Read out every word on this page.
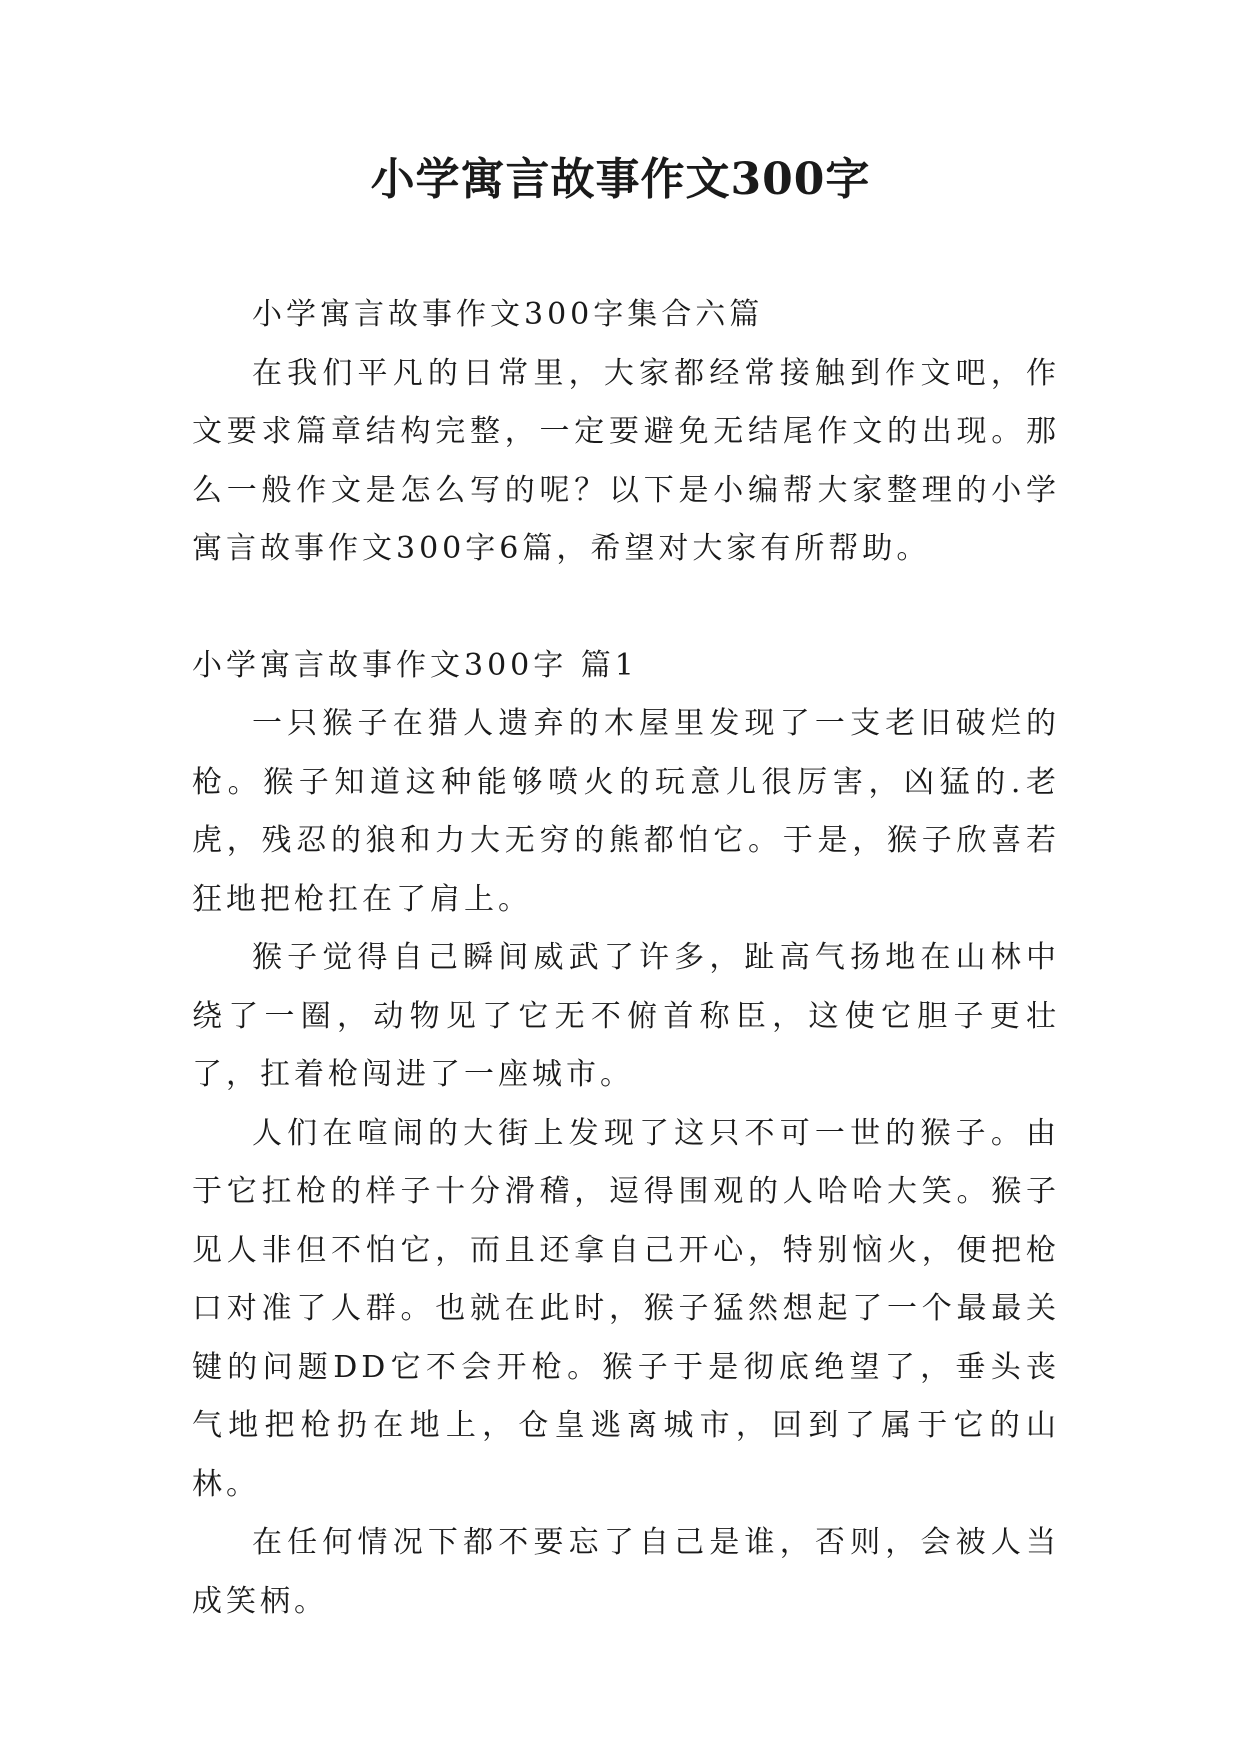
小学寓言故事作文300字

小学寓言故事作文300字集合六篇

在我们平凡的日常里，大家都经常接触到作文吧，作文要求篇章结构完整，一定要避免无结尾作文的出现。那么一般作文是怎么写的呢？以下是小编帮大家整理的小学寓言故事作文300字6篇，希望对大家有所帮助。

小学寓言故事作文300字 篇1

一只猴子在猎人遗弃的木屋里发现了一支老旧破烂的枪。猴子知道这种能够喷火的玩意儿很厉害，凶猛的.老虎，残忍的狼和力大无穷的熊都怕它。于是，猴子欣喜若狂地把枪扛在了肩上。

猴子觉得自己瞬间威武了许多，趾高气扬地在山林中绕了一圈，动物见了它无不俯首称臣，这使它胆子更壮了，扛着枪闯进了一座城市。

人们在喧闹的大街上发现了这只不可一世的猴子。由于它扛枪的样子十分滑稽，逗得围观的人哈哈大笑。猴子见人非但不怕它，而且还拿自己开心，特别恼火，便把枪口对准了人群。也就在此时，猴子猛然想起了一个最最关键的问题DD它不会开枪。猴子于是彻底绝望了，垂头丧气地把枪扔在地上，仓皇逃离城市，回到了属于它的山林。

在任何情况下都不要忘了自己是谁，否则，会被人当成笑柄。
